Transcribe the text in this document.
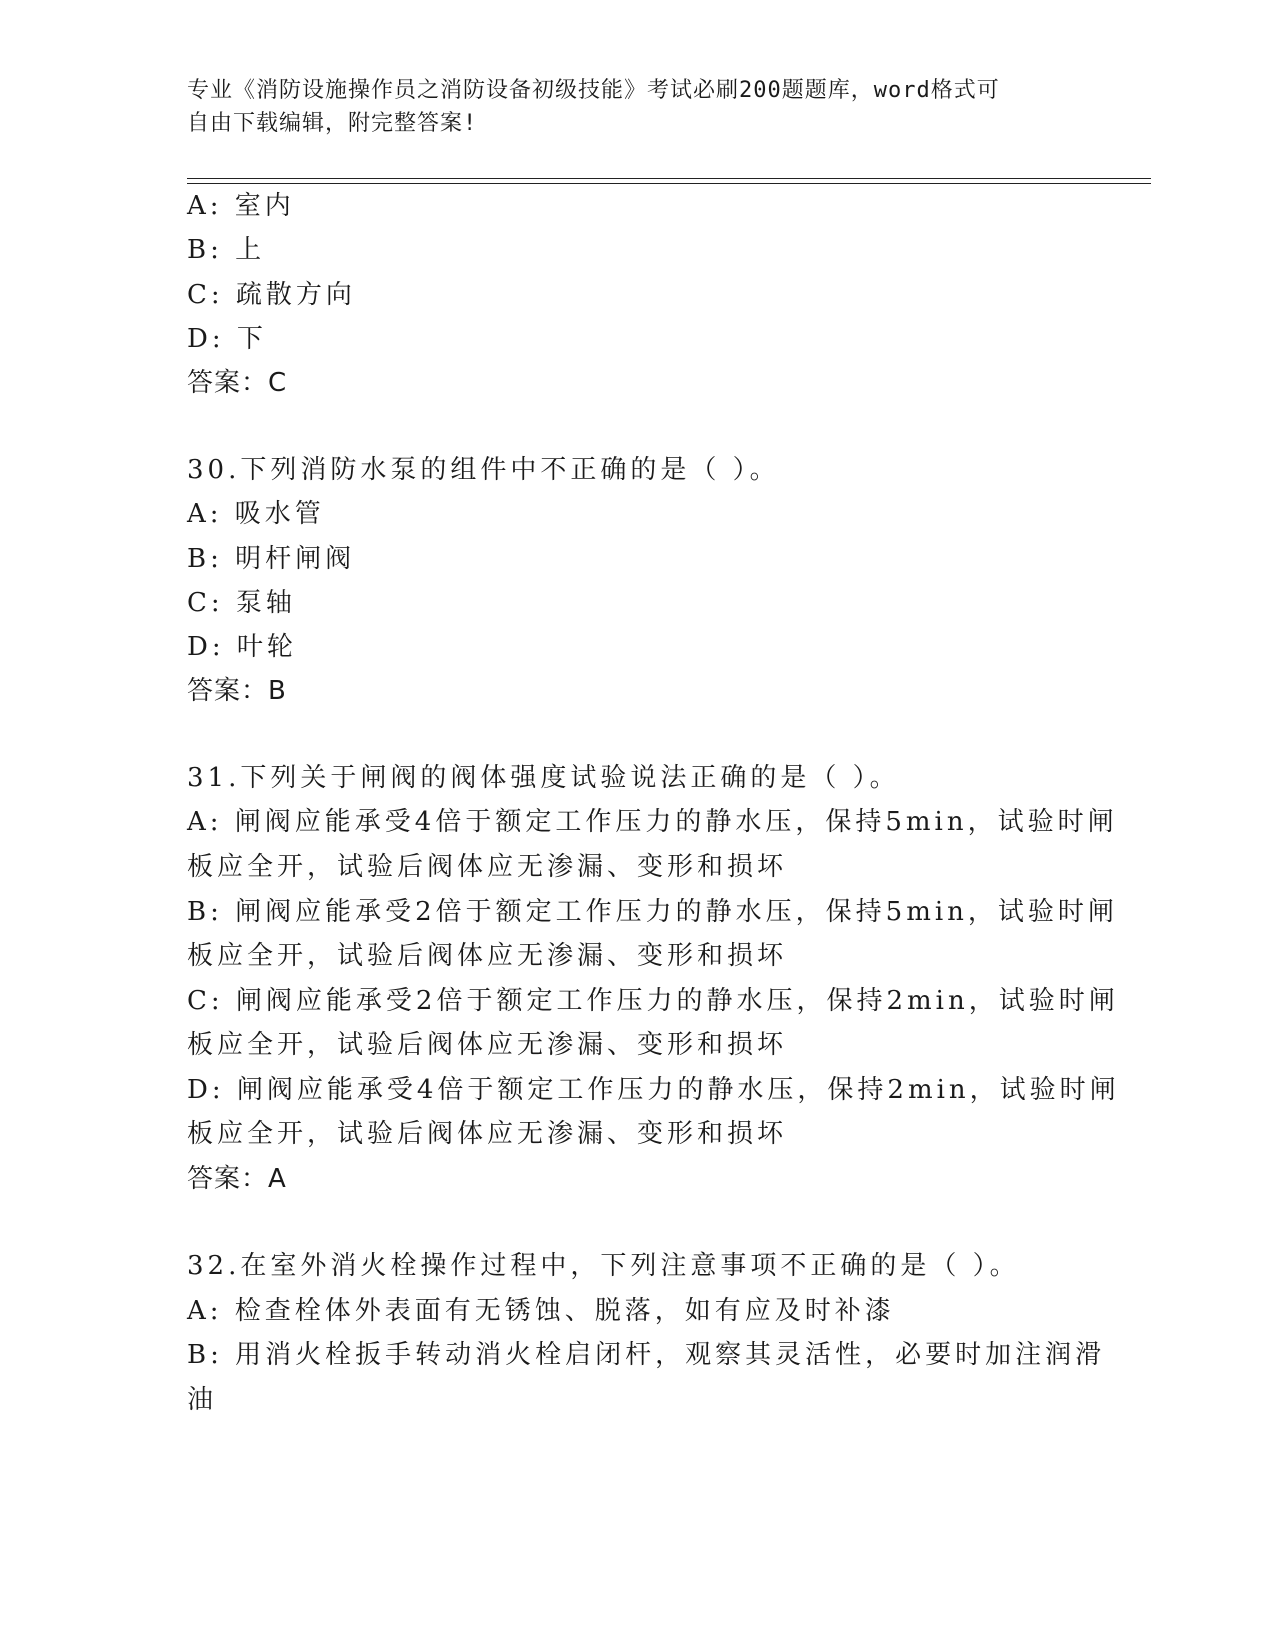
专业《消防设施操作员之消防设备初级技能》考试必刷200题题库，word格式可
自由下载编辑，附完整答案!
A: 室内
B: 上
C: 疏散方向
D: 下
答案：C
30.下列消防水泵的组件中不正确的是（ ）。
A: 吸水管
B: 明杆闸阀
C: 泵轴
D: 叶轮
答案：B
31.下列关于闸阀的阀体强度试验说法正确的是（ ）。
A: 闸阀应能承受4倍于额定工作压力的静水压，保持5min，试验时闸
板应全开，试验后阀体应无渗漏、变形和损坏
B: 闸阀应能承受2倍于额定工作压力的静水压，保持5min，试验时闸
板应全开，试验后阀体应无渗漏、变形和损坏
C: 闸阀应能承受2倍于额定工作压力的静水压，保持2min，试验时闸
板应全开，试验后阀体应无渗漏、变形和损坏
D: 闸阀应能承受4倍于额定工作压力的静水压，保持2min，试验时闸
板应全开，试验后阀体应无渗漏、变形和损坏
答案：A
32.在室外消火栓操作过程中，下列注意事项不正确的是（ ）。
A: 检查栓体外表面有无锈蚀、脱落，如有应及时补漆
B: 用消火栓扳手转动消火栓启闭杆，观察其灵活性，必要时加注润滑
油
